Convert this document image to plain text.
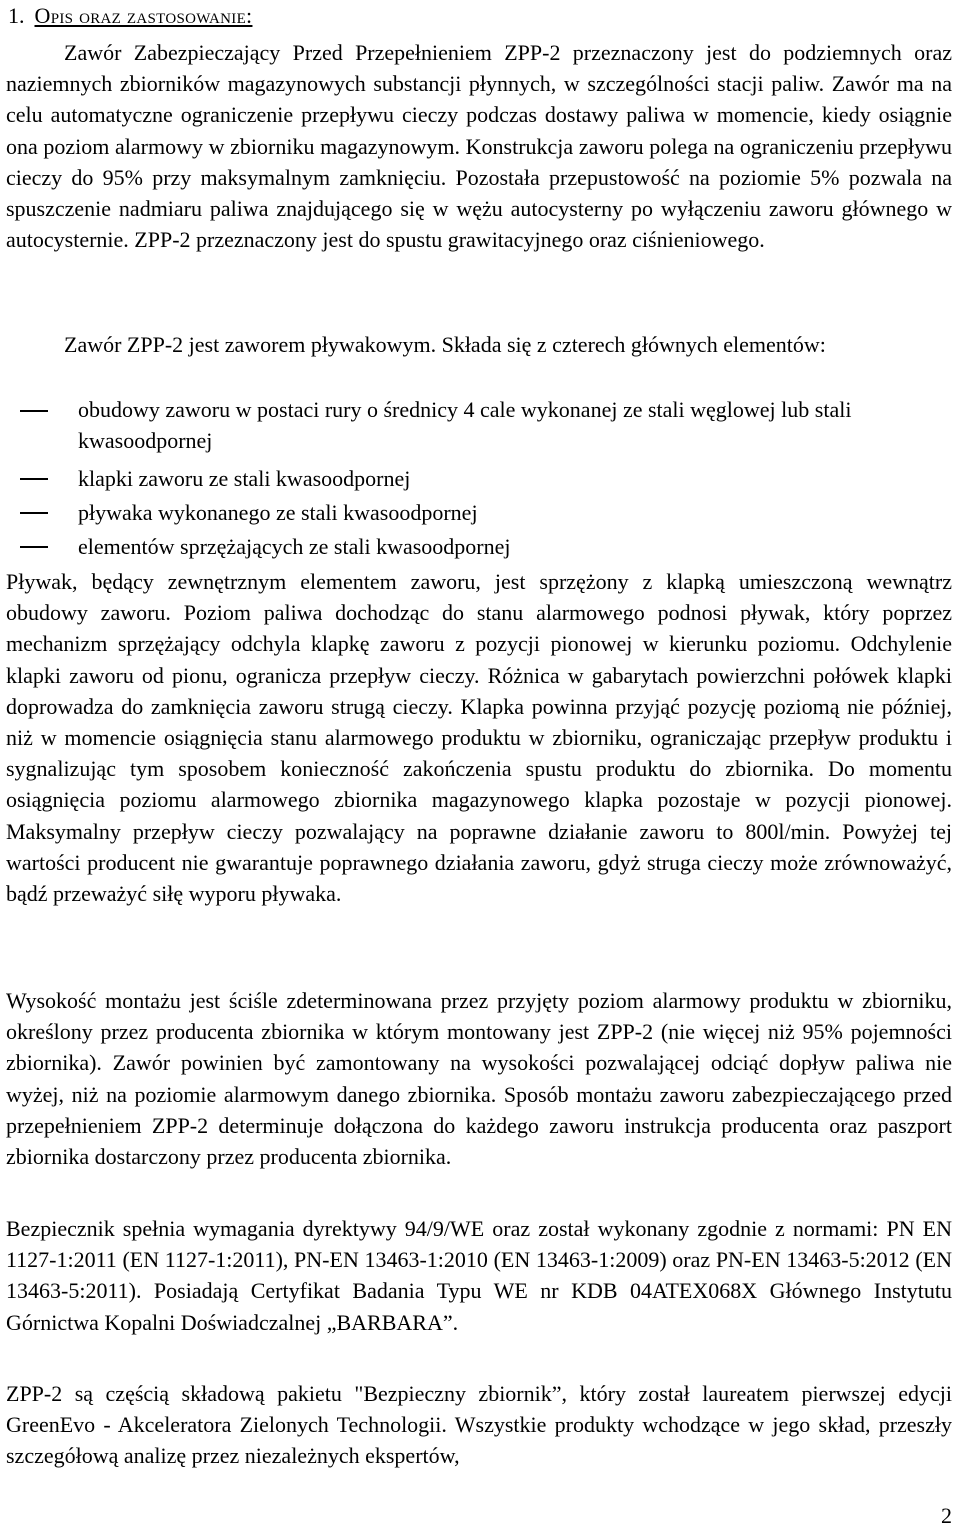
1. Opis oraz zastosowanie:

Zawór Zabezpieczający Przed Przepełnieniem ZPP-2 przeznaczony jest do podziemnych oraz naziemnych zbiorników magazynowych substancji płynnych, w szczególności stacji paliw. Zawór ma na celu automatyczne ograniczenie przepływu cieczy podczas dostawy paliwa w momencie, kiedy osiągnie ona poziom alarmowy w zbiorniku magazynowym. Konstrukcja zaworu polega na ograniczeniu przepływu cieczy do 95% przy maksymalnym zamknięciu. Pozostała przepustowość na poziomie 5% pozwala na spuszczenie nadmiaru paliwa znajdującego się w wężu autocysterny po wyłączeniu zaworu głównego w autocysternie. ZPP-2 przeznaczony jest do spustu grawitacyjnego oraz ciśnieniowego.

Zawór ZPP-2 jest zaworem pływakowym. Składa się z czterech głównych elementów:

obudowy zaworu w postaci rury o średnicy 4 cale wykonanej ze stali węglowej lub stali kwasoodpornej
klapki zaworu ze stali kwasoodpornej
pływaka wykonanego ze stali kwasoodpornej
elementów sprzężających ze stali kwasoodpornej

Pływak, będący zewnętrznym elementem zaworu, jest sprzężony z klapką umieszczoną wewnątrz obudowy zaworu. Poziom paliwa dochodząc do stanu alarmowego podnosi pływak, który poprzez mechanizm sprzężający odchyla klapkę zaworu z pozycji pionowej w kierunku poziomu. Odchylenie klapki zaworu od pionu, ogranicza przepływ cieczy. Różnica w gabarytach powierzchni połówek klapki doprowadza do zamknięcia zaworu strugą cieczy. Klapka powinna przyjąć pozycję poziomą nie później, niż w momencie osiągnięcia stanu alarmowego produktu w zbiorniku, ograniczając przepływ produktu i sygnalizując tym sposobem konieczność zakończenia spustu produktu do zbiornika. Do momentu osiągnięcia poziomu alarmowego zbiornika magazynowego klapka pozostaje w pozycji pionowej. Maksymalny przepływ cieczy pozwalający na poprawne działanie zaworu to 800l/min. Powyżej tej wartości producent nie gwarantuje poprawnego działania zaworu, gdyż struga cieczy może zrównoważyć, bądź przeważyć siłę wyporu pływaka.

Wysokość montażu jest ściśle zdeterminowana przez przyjęty poziom alarmowy produktu w zbiorniku, określony przez producenta zbiornika w którym montowany jest ZPP-2 (nie więcej niż 95% pojemności zbiornika). Zawór powinien być zamontowany na wysokości pozwalającej odciąć dopływ paliwa nie wyżej, niż na poziomie alarmowym danego zbiornika. Sposób montażu zaworu zabezpieczającego przed przepełnieniem ZPP-2 determinuje dołączona do każdego zaworu instrukcja producenta oraz paszport zbiornika dostarczony przez producenta zbiornika.

Bezpiecznik spełnia wymagania dyrektywy 94/9/WE oraz został wykonany zgodnie z normami: PN EN 1127-1:2011 (EN 1127-1:2011), PN-EN 13463-1:2010 (EN 13463-1:2009) oraz PN-EN 13463-5:2012 (EN 13463-5:2011). Posiadają Certyfikat Badania Typu WE nr KDB 04ATEX068X Głównego Instytutu Górnictwa Kopalni Doświadczalnej „BARBARA”.

ZPP-2 są częścią składową pakietu "Bezpieczny zbiornik”, który został laureatem pierwszej edycji GreenEvo - Akceleratora Zielonych Technologii. Wszystkie produkty wchodzące w jego skład, przeszły szczegółową analizę przez niezależnych ekspertów,

2
